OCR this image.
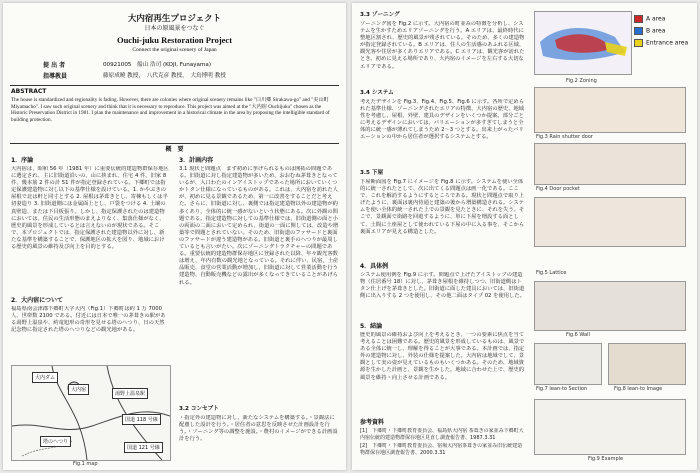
大内宿再生プロジェクト
日本の原風景をつなぐ
Ouchi-juku Restoration Project
Connect the original scenery of Japan
提 出 者	00921005　船山 浩司 (KOJI, Funayama)
指導教員	藤原成曉 教授，　八代克彦 教授，　大鳥博明 教授
ABSTRACT
The house is standardized and regionality is fading. However, there are colonies where original scenery remains like "白川郷 Sirakawa-go" and "美山町 Miyamacho". I saw such original scenery and think that it is necessary to reproduce. This project was aimed at the "大内宿 Ouchijuku" chosen as the Historic Preservation District in 1981. I plan the maintenance and improvement in a historical climate in the area by proposing the intelligible standard of building protection.
概　要
1．序論
大内宿は、昭和 56 年（1981 年）に重要伝統的建造物群保存地区に選定され、主に旧街道沿いの、山に挟まれ、住宅 4 件、旧家 8 件、幾本筋 2 件の計 51 件が指定登録されている。下郷町では指定保護建造物に対し以下の基準仕様を設けている。1. かやぶきの屋根で北は軒と同寸とする 2. 屋根は茅葺きとし、寄棟もしくは半切妻造り 3. 旧街道側には金属面上とし、戸袋をつける 4. 土壌の真壁造、または下目板張り。しかし、指定保護されたのは建造物においては、住民の生活形態のまえよりなく、集落仕様がなく、歴史的風景を形成しているとは言えないのが現状である。そこで、本プロジェクトでは、指定保護された建造物以外に対し、新たな基準を構築することで、保護地区の拡大を図り、地域における歴史的風景の維持及び向上を目的とする。
2．大内宿について
福島県南会津郡下郷町大字大内（Fig.1）下郷町は約 1 万 7000 人、世帯数 2100 である。付近には日本で唯一の茅葺きの駅がある湯野上温泉や、約竜旭形の奇形を見せる塔のへつり、日の天然記念物に指定された塔のへつりなどの観光地がある。
大内宿
大内ダム
湯野上温泉駅
国道 118 号線
塔のへつり
国道 121 号線
Fig.1 map
3．計画内容
3.1 現状と問題点　まず初めに挙げられるものは開拓の問題である。旧街道に対し指定建造物が多いため、おおむね茅葺きとなっているが、入口わたのインアイストップであった場所においていくつかトタン仕様になっているものがある。これは、大内宿を訪れた人が、初めに見る景観であるため、第一に改善をすることだと考えた。さらに、旧街道に対し、裏側では指定建造物以外の建造物が約多くあり、全体的に統一感がないという状態にある。次に外観の問題である。指定建造物に対しての基準仕様では、旧街道側の面と小の両面の二面において定められ、街道の一面に関しては、改造や増築等で問題とされていない。そのため、旧街道のファサードと裏面のファサードが違う建造物がある。旧街道と裏手のへつりが最周しているとも言いがたい。次にゾーニングトラクチャーの問題である。重要伝統的建造物群保存地区に登録された以降、年々観光客数は増え、年内有数の観光地となっている。それに伴い、民宿、土産品販売、食堂の営業活動が増加し、旧街道に対して営業活動を行う建造物、自動販売機などの露出が多くなってきていることがあげられる。
3.2 コンセプト
・指定外の建造物に対し、新たなシステムを構築する。・景観法に配慮した設計を行う。・居住者の意思を反映させた計画設計を行う。・ゾーニング等の調整を施設。・農村のイメージができる計画設計を行う。
3.3 ゾーニング
ゾーニング図を Fig.2 に示す。大内宿の町並みの特徴を分析し、システムを生かすためエリアゾーニングを行う。A エリアは、最終時代に整地区割され、歴史的風景が残されている。そのため、多くの建造物が指定登録されている。B エリアは、住人の生活感のあふれる区域、観光客や住居が多くありエリアである。C エリアは、観光客が訪れたとき、初めに見える場所であり、大内宿のイメージを左右する大切なエリアである。
3.4 システム
考えたデザインを Fig.3、Fig.4、Fig.5、Fig.6 に示す。各所で定められた基準仕様、ゾーニングされたエリアの特徴、大内宿の歴史、地域性を考慮し、屋根、外壁、建具のデザインをいくつか提案。部分ごとに考えるデザインにおいては、バリエーションが多すぎてしまうと全体的に統一感が薄れてしまうため 2〜3 つとする。出来上がったバリエーションの中から居住者が選択するシステムとする。
3.5 下屋
下屋断面図を Fig.7 にイメージを Fig.8 に示す。システムを使い全体的に統一されたとして、次に出てくる問題点は画一化である。ここで、これを解消するようにするところである。現状と問題点で取り上げたように、裏面は裏内侍通と建築の後から増築構造される。システムを使い全体的統一された上での景観を見たときに、それを失う。そこで、景観面で街路を回遊するように、単に下屋を増設する面として、土間に土座屋として使われている下屋の中に入る事を、そこから裏面エリアが見える構造とした。
4．具体例
システム使用例を Fig.9 に示す。問題点で上げたアイストップの建造物（住居番号 18）に対し、茅葺き屋根を維持しつつ、旧街道側はトタン仕上げを茅葺きとした。旧街道に面した建具においては、旧街道側に出入りする 2 つを使用し、その他二面はタイプ 02 を使用した。
5．結論
歴史的風景の維持および向上を考えるとき、一つの要素に焦点を当て考えることは困難である。歴史的風景を形成しているものは、風景である全体に統一し、理解を得ることが大事である。本計画では、指定外の建造物に対し、外装の仕様を提案した。大内宿は地域でして、景観として実の姿が見えているものもいくつかある。そのため、地域資源を生かした計画と、景観を生かした。地域に合わせた上で、歴史的風景を維持・向上させる計画である。
参考資料
[1]　下郷町・下郷町教育委員会、福島県大内宿 茶葺きの家並み下郷町大内宿伝統的建造物群保存地区見直し調査報告書、1987.3.31
[2]　下郷町・下郷町教育委員会、宿場大内宿茶葺きの家並み旧伝統建造物群保存地区調査報告書、2000.3.31
A area
B area
Entrance area
Fig.2 Zoning
Fig.3 Rain shutter door
Fig.4 Door pocket
Fig.5 Lattice
Fig.6 Wall
Fig.7 lean-to Section	Fig.8 lean-to Image
Fig.9 Example
